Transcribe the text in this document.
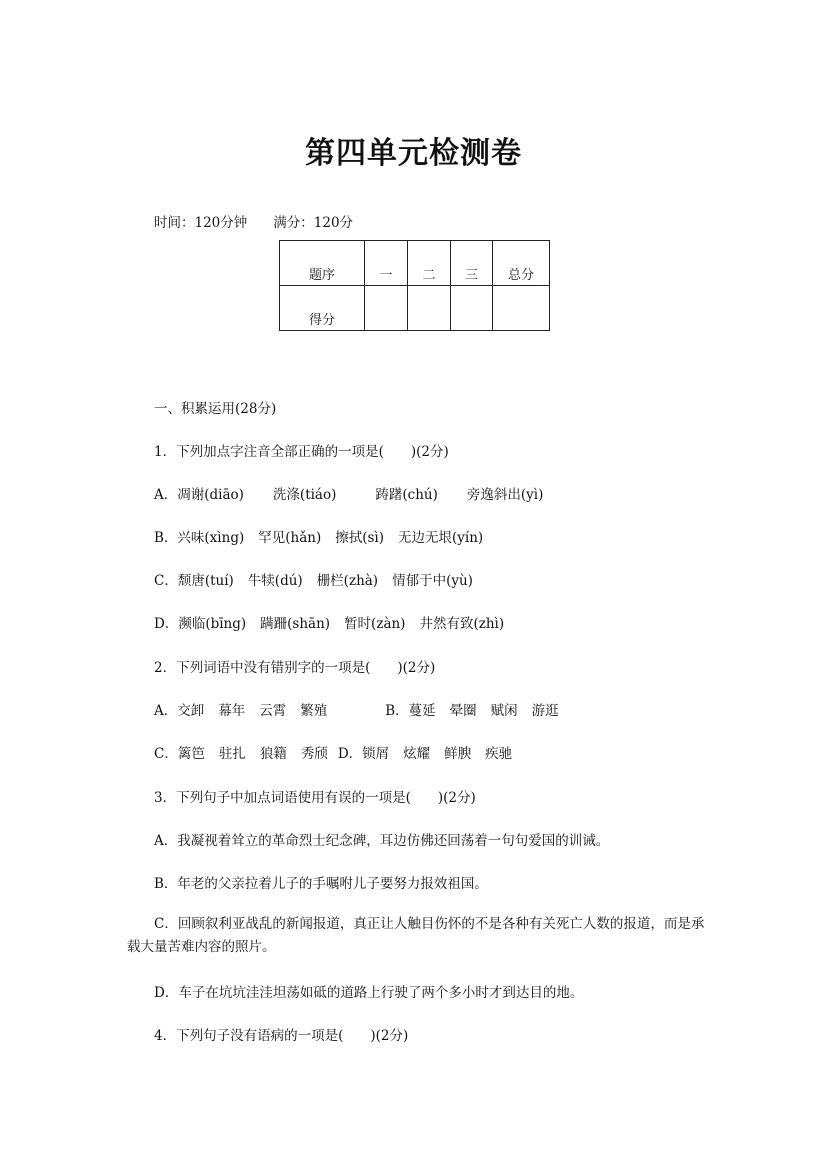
第四单元检测卷
时间：120分钟 满分：120分
题序	一	二	三	总分
得分				
一、积累运用(28分)
1．下列加点字注音全部正确的一项是(　　)(2分)
A．凋谢(diāo) 洗涤(tiáo)	踌躇(chú) 旁逸斜出(yì)
B．兴味(xìng) 罕见(hǎn) 擦拭(sì) 无边无垠(yín)
C．颓唐(tuí) 牛犊(dú) 栅栏(zhà) 情郁于中(yù)
D．濒临(bīng) 蹒跚(shān) 暂时(zàn) 井然有致(zhì)
2．下列词语中没有错别字的一项是(　　)(2分)
A．交卸 幕年 云霄 繁殖	B．蔓延 晕圈 赋闲 游逛
C．篱笆 驻扎 狼籍 秀颀 D．锁屑 炫耀 鲜腴 疾驰
3．下列句子中加点词语使用有误的一项是(　　)(2分)
A．我凝视着耸立的革命烈士纪念碑，耳边仿佛还回荡着一句句爱国的训诫。
B．年老的父亲拉着儿子的手嘱咐儿子要努力报效祖国。
C．回顾叙利亚战乱的新闻报道，真正让人触目伤怀的不是各种有关死亡人数的报道，而是承载大量苦难内容的照片。
D．车子在坑坑洼洼坦荡如砥的道路上行驶了两个多小时才到达目的地。
4．下列句子没有语病的一项是(　　)(2分)
